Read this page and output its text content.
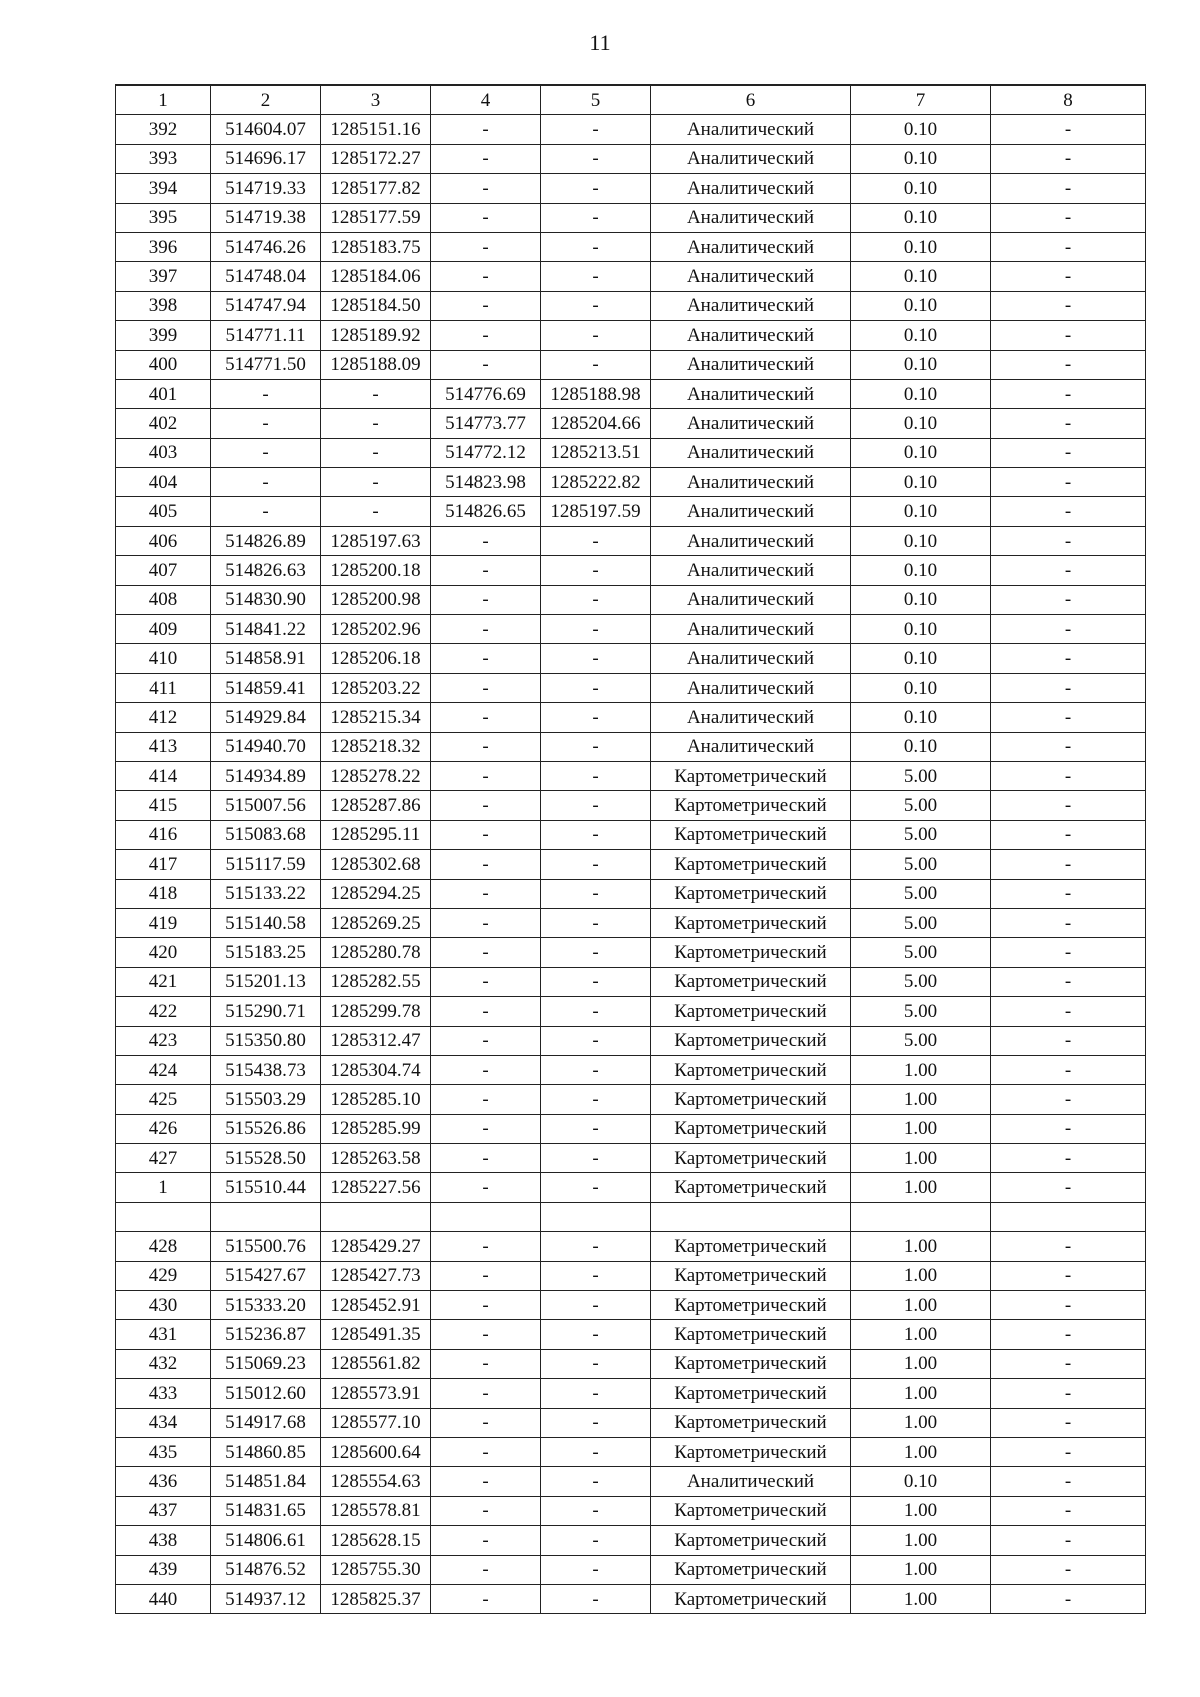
11
1	2	3	4	5	6	7	8
392	514604.07	1285151.16	-	-	Аналитический	0.10	-
393	514696.17	1285172.27	-	-	Аналитический	0.10	-
394	514719.33	1285177.82	-	-	Аналитический	0.10	-
395	514719.38	1285177.59	-	-	Аналитический	0.10	-
396	514746.26	1285183.75	-	-	Аналитический	0.10	-
397	514748.04	1285184.06	-	-	Аналитический	0.10	-
398	514747.94	1285184.50	-	-	Аналитический	0.10	-
399	514771.11	1285189.92	-	-	Аналитический	0.10	-
400	514771.50	1285188.09	-	-	Аналитический	0.10	-
401	-	-	514776.69	1285188.98	Аналитический	0.10	-
402	-	-	514773.77	1285204.66	Аналитический	0.10	-
403	-	-	514772.12	1285213.51	Аналитический	0.10	-
404	-	-	514823.98	1285222.82	Аналитический	0.10	-
405	-	-	514826.65	1285197.59	Аналитический	0.10	-
406	514826.89	1285197.63	-	-	Аналитический	0.10	-
407	514826.63	1285200.18	-	-	Аналитический	0.10	-
408	514830.90	1285200.98	-	-	Аналитический	0.10	-
409	514841.22	1285202.96	-	-	Аналитический	0.10	-
410	514858.91	1285206.18	-	-	Аналитический	0.10	-
411	514859.41	1285203.22	-	-	Аналитический	0.10	-
412	514929.84	1285215.34	-	-	Аналитический	0.10	-
413	514940.70	1285218.32	-	-	Аналитический	0.10	-
414	514934.89	1285278.22	-	-	Картометрический	5.00	-
415	515007.56	1285287.86	-	-	Картометрический	5.00	-
416	515083.68	1285295.11	-	-	Картометрический	5.00	-
417	515117.59	1285302.68	-	-	Картометрический	5.00	-
418	515133.22	1285294.25	-	-	Картометрический	5.00	-
419	515140.58	1285269.25	-	-	Картометрический	5.00	-
420	515183.25	1285280.78	-	-	Картометрический	5.00	-
421	515201.13	1285282.55	-	-	Картометрический	5.00	-
422	515290.71	1285299.78	-	-	Картометрический	5.00	-
423	515350.80	1285312.47	-	-	Картометрический	5.00	-
424	515438.73	1285304.74	-	-	Картометрический	1.00	-
425	515503.29	1285285.10	-	-	Картометрический	1.00	-
426	515526.86	1285285.99	-	-	Картометрический	1.00	-
427	515528.50	1285263.58	-	-	Картометрический	1.00	-
1	515510.44	1285227.56	-	-	Картометрический	1.00	-

428	515500.76	1285429.27	-	-	Картометрический	1.00	-
429	515427.67	1285427.73	-	-	Картометрический	1.00	-
430	515333.20	1285452.91	-	-	Картометрический	1.00	-
431	515236.87	1285491.35	-	-	Картометрический	1.00	-
432	515069.23	1285561.82	-	-	Картометрический	1.00	-
433	515012.60	1285573.91	-	-	Картометрический	1.00	-
434	514917.68	1285577.10	-	-	Картометрический	1.00	-
435	514860.85	1285600.64	-	-	Картометрический	1.00	-
436	514851.84	1285554.63	-	-	Аналитический	0.10	-
437	514831.65	1285578.81	-	-	Картометрический	1.00	-
438	514806.61	1285628.15	-	-	Картометрический	1.00	-
439	514876.52	1285755.30	-	-	Картометрический	1.00	-
440	514937.12	1285825.37	-	-	Картометрический	1.00	-
